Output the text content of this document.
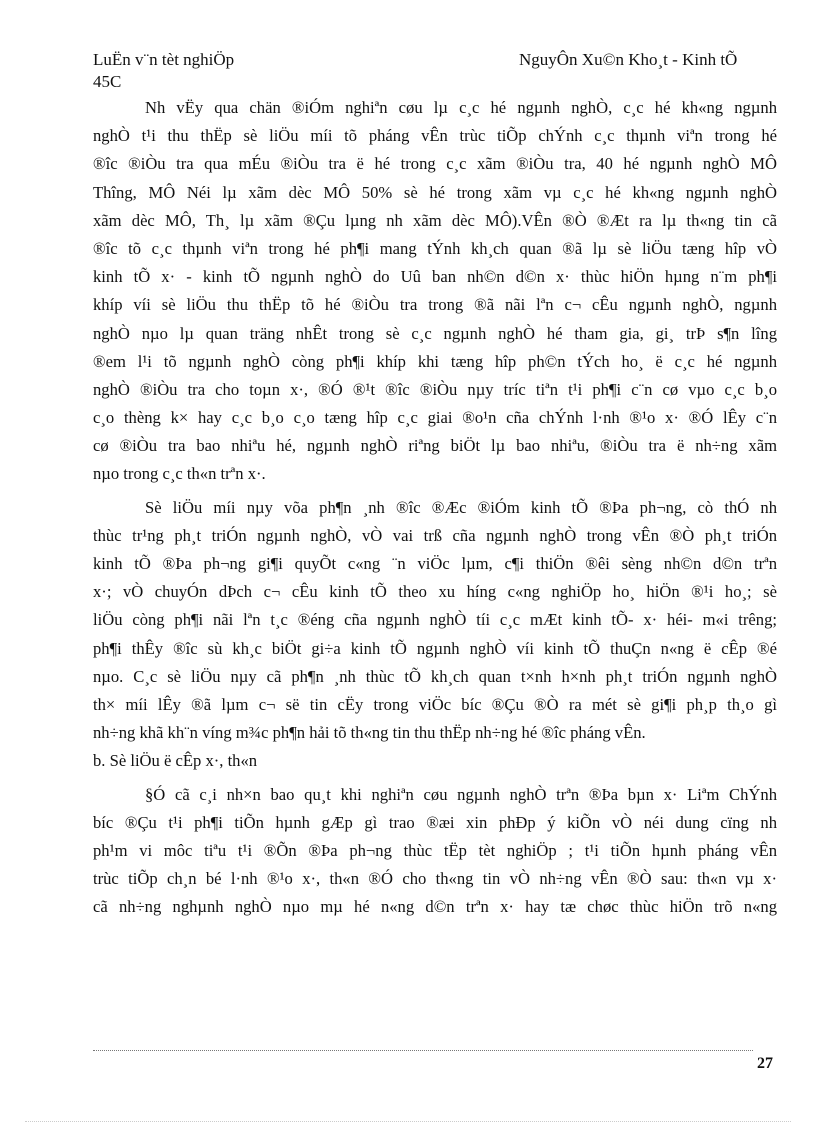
LuËn v¨n tèt nghiÖp
45C
NguyÔn Xu©n Kho¸t - Kinh tÕ
Nh vËy qua chän ®iÓm nghiªn cøu lµ c¸c hé ngµnh nghÒ, c¸c hé kh«ng ngµnh
nghÒ t¹i thu thËp sè liÖu míi tõ pháng vÊn trùc tiÕp chÝnh c¸c thµnh viªn trong hé
®îc ®iÒu tra qua mÉu ®iÒu tra ë hé trong c¸c xãm ®iÒu tra, 40 hé ngµnh nghÒ MÔ
Thîng, MÔ Néi lµ xãm dèc MÔ 50% sè hé trong xãm vµ c¸c hé kh«ng ngµnh nghÒ
xãm dèc MÔ, Th¸ lµ xãm ®Çu lµng nh xãm dèc MÔ).VÊn ®Ò ®Æt ra lµ th«ng tin cã
®îc tõ c¸c thµnh viªn trong hé ph¶i mang tÝnh kh¸ch quan ®ã lµ sè liÖu tæng hîp vÒ
kinh tÕ x· - kinh tÕ ngµnh nghÒ do Uû ban nh©n d©n x· thùc hiÖn hµng n¨m ph¶i
khíp víi sè liÖu thu thËp tõ hé ®iÒu tra trong ®ã nãi lªn c¬ cÊu ngµnh nghÒ, ngµnh
nghÒ nµo lµ quan träng nhÊt trong sè c¸c ngµnh nghÒ hé tham gia, gi¸ trÞ s¶n lîng
®em l¹i tõ ngµnh nghÒ còng ph¶i khíp khi tæng hîp ph©n tÝch ho¸ ë c¸c hé ngµnh
nghÒ ®iÒu tra cho toµn x·, ®Ó ®¹t ®îc ®iÒu nµy tríc tiªn t¹i ph¶i c¨n cø vµo c¸c b¸o
c¸o thèng k× hay c¸c b¸o c¸o tæng hîp c¸c giai ®o¹n cña chÝnh l·nh ®¹o x· ®Ó lÊy c¨n
cø ®iÒu tra bao nhiªu hé, ngµnh nghÒ riªng biÖt lµ bao nhiªu, ®iÒu tra ë nh÷ng xãm
nµo trong c¸c th«n trªn x·.
Sè liÖu míi nµy võa ph¶n ¸nh ®îc ®Æc ®iÓm kinh tÕ ®Þa ph¬ng, cò thÓ nh
thùc tr¹ng ph¸t triÓn ngµnh nghÒ, vÒ vai trß cña ngµnh nghÒ trong vÊn ®Ò ph¸t triÓn
kinh tÕ ®Þa ph¬ng gi¶i quyÕt c«ng ¨n viÖc lµm, c¶i thiÖn ®êi sèng nh©n d©n trªn
x·; vÒ chuyÓn dÞch c¬ cÊu kinh tÕ theo xu híng c«ng nghiÖp ho¸ hiÖn ®¹i ho¸; sè
liÖu còng ph¶i nãi lªn t¸c ®éng cña ngµnh nghÒ tíi c¸c mÆt kinh tÕ- x· héi- m«i trêng;
ph¶i thÊy ®îc sù kh¸c biÖt gi÷a kinh tÕ ngµnh nghÒ víi kinh tÕ thuÇn n«ng ë cÊp ®é
nµo. C¸c sè liÖu nµy cã ph¶n ¸nh thùc tÕ kh¸ch quan t×nh h×nh ph¸t triÓn ngµnh nghÒ
th× míi lÊy ®ã lµm c¬ së tin cËy trong viÖc bíc ®Çu ®Ò ra mét sè gi¶i ph¸p th¸o gì
nh÷ng khã kh¨n víng m¾c ph¶n hải tõ th«ng tin thu thËp nh÷ng hé ®îc pháng vÊn.
b. Sè liÖu ë cÊp x·, th«n
§Ó cã c¸i nh×n bao qu¸t khi nghiªn cøu ngµnh nghÒ trªn ®Þa bµn x· Liªm ChÝnh
bíc ®Çu t¹i ph¶i tiÕn hµnh gÆp gì trao ®æi xin phÐp ý kiÕn vÒ néi dung cïng nh
ph¹m vi môc tiªu t¹i ®Õn ®Þa ph¬ng thùc tËp tèt nghiÖp ; t¹i tiÕn hµnh pháng vÊn
trùc tiÕp ch¸n bé l·nh ®¹o x·, th«n ®Ó cho th«ng tin vÒ nh÷ng vÊn ®Ò sau: th«n vµ x·
cã nh÷ng nghµnh nghÒ nµo mµ hé n«ng d©n trªn x· hay tæ chøc thùc hiÖn trõ n«ng
27
